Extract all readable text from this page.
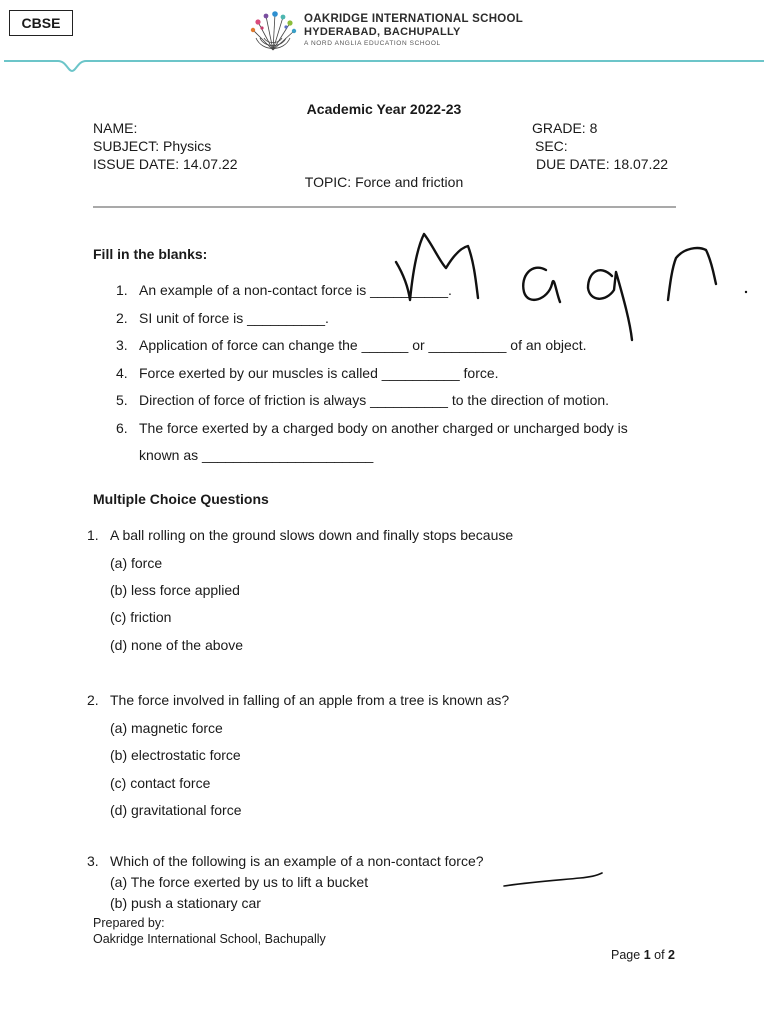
CBSE	OAKRIDGE INTERNATIONAL SCHOOL
HYDERABAD, BACHUPALLY
A NORD ANGLIA EDUCATION SCHOOL
Academic Year 2022-23
NAME:
SUBJECT: Physics
ISSUE DATE: 14.07.22
GRADE: 8
SEC:
DUE DATE: 18.07.22
TOPIC: Force and friction
Fill in the blanks:
1. An example of a non-contact force is __________.
2. SI unit of force is __________.
3. Application of force can change the ______ or __________ of an object.
4. Force exerted by our muscles is called __________ force.
5. Direction of force of friction is always __________ to the direction of motion.
6. The force exerted by a charged body on another charged or uncharged body is
known as ______________________
Multiple Choice Questions
1. A ball rolling on the ground slows down and finally stops because
(a) force
(b) less force applied
(c) friction
(d) none of the above
2. The force involved in falling of an apple from a tree is known as?
(a) magnetic force
(b) electrostatic force
(c) contact force
(d) gravitational force
3. Which of the following is an example of a non-contact force?
(a) The force exerted by us to lift a bucket
(b) push a stationary car
Prepared by:
Oakridge International School, Bachupally
Page 1 of 2
